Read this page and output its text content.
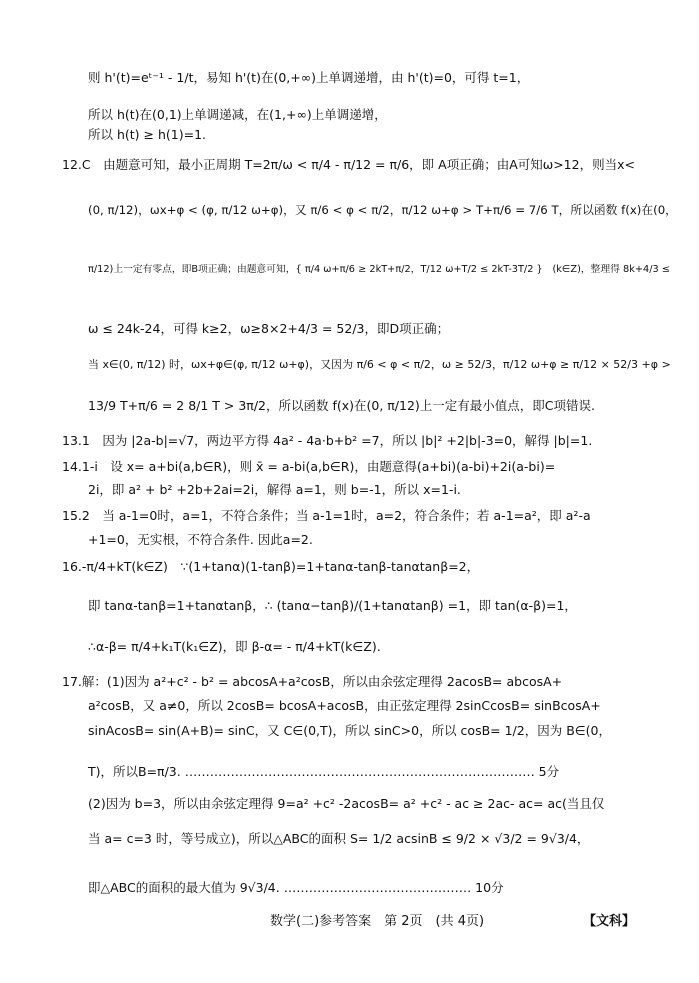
则 h'(t)=eᵗ⁻¹ - 1/t，易知 h'(t)在(0,+∞)上单调递增，由 h'(t)=0，可得 t=1，
所以 h(t)在(0,1)上单调递减，在(1,+∞)上单调递增，
所以 h(t) ≥ h(1)=1.
12.C　由题意可知，最小正周期 T=2π/ω < π/4 - π/12 = π/6，即 A项正确；由A可知ω>12，则当x<
(0, π/12)，ωx+φ < (φ, π/12 ω+φ)，又 π/6 < φ < π/2，π/12 ω+φ > T+π/6 = 7/6 T，所以函数 f(x)在(0，
π/12)上一定有零点，即B项正确；由题意可知，{ π/4 ω+π/6 ≥ 2kT+π/2，T/12 ω+T/2 ≤ 2kT-3T/2 }　(k∈Z)，整理得 8k+4/3 ≤
ω ≤ 24k-24，可得 k≥2，ω≥8×2+4/3 = 52/3，即D项正确；
当 x∈(0, π/12) 时，ωx+φ∈(φ, π/12 ω+φ)，又因为 π/6 < φ < π/2，ω ≥ 52/3，π/12 ω+φ ≥ π/12 × 52/3 +φ >
13/9 T+π/6 = 2 8/1 T > 3π/2，所以函数 f(x)在(0, π/12)上一定有最小值点，即C项错误.
13.1　因为 |2a-b|=√7，两边平方得 4a² - 4a·b+b² =7，所以 |b|² +2|b|-3=0，解得 |b|=1.
14.1-i　设 x= a+bi(a,b∈R)，则 x̄ = a-bi(a,b∈R)，由题意得(a+bi)(a-bi)+2i(a-bi)=
2i，即 a² + b² +2b+2ai=2i，解得 a=1，则 b=-1，所以 x=1-i.
15.2　当 a-1=0时，a=1，不符合条件；当 a-1=1时，a=2，符合条件；若 a-1=a²，即 a²-a
+1=0，无实根，不符合条件. 因此a=2.
16.-π/4+kT(k∈Z)　∵(1+tanα)(1-tanβ)=1+tanα-tanβ-tanαtanβ=2，
即 tanα-tanβ=1+tanαtanβ，∴ (tanα−tanβ)/(1+tanαtanβ) =1，即 tan(α-β)=1，
∴α-β= π/4+k₁T(k₁∈Z)，即 β-α= - π/4+kT(k∈Z).
17.解：(1)因为 a²+c² - b² = abcosA+a²cosB，所以由余弦定理得 2acosB= abcosA+
a²cosB，又 a≠0，所以 2cosB= bcosA+acosB，由正弦定理得 2sinCcosB= sinBcosA+
sinAcosB= sin(A+B)= sinC，又 C∈(0,T)，所以 sinC>0，所以 cosB= 1/2，因为 B∈(0，
T)，所以B=π/3. ………………………………………………………………………… 5分
(2)因为 b=3，所以由余弦定理得 9=a² +c² -2acosB= a² +c² - ac ≥ 2ac- ac= ac(当且仅
当 a= c=3 时，等号成立)，所以△ABC的面积 S= 1/2 acsinB ≤ 9/2 × √3/2 = 9√3/4，
即△ABC的面积的最大值为 9√3/4. ……………………………………… 10分
数学(二)参考答案　第 2页　(共 4页)	【文科】
